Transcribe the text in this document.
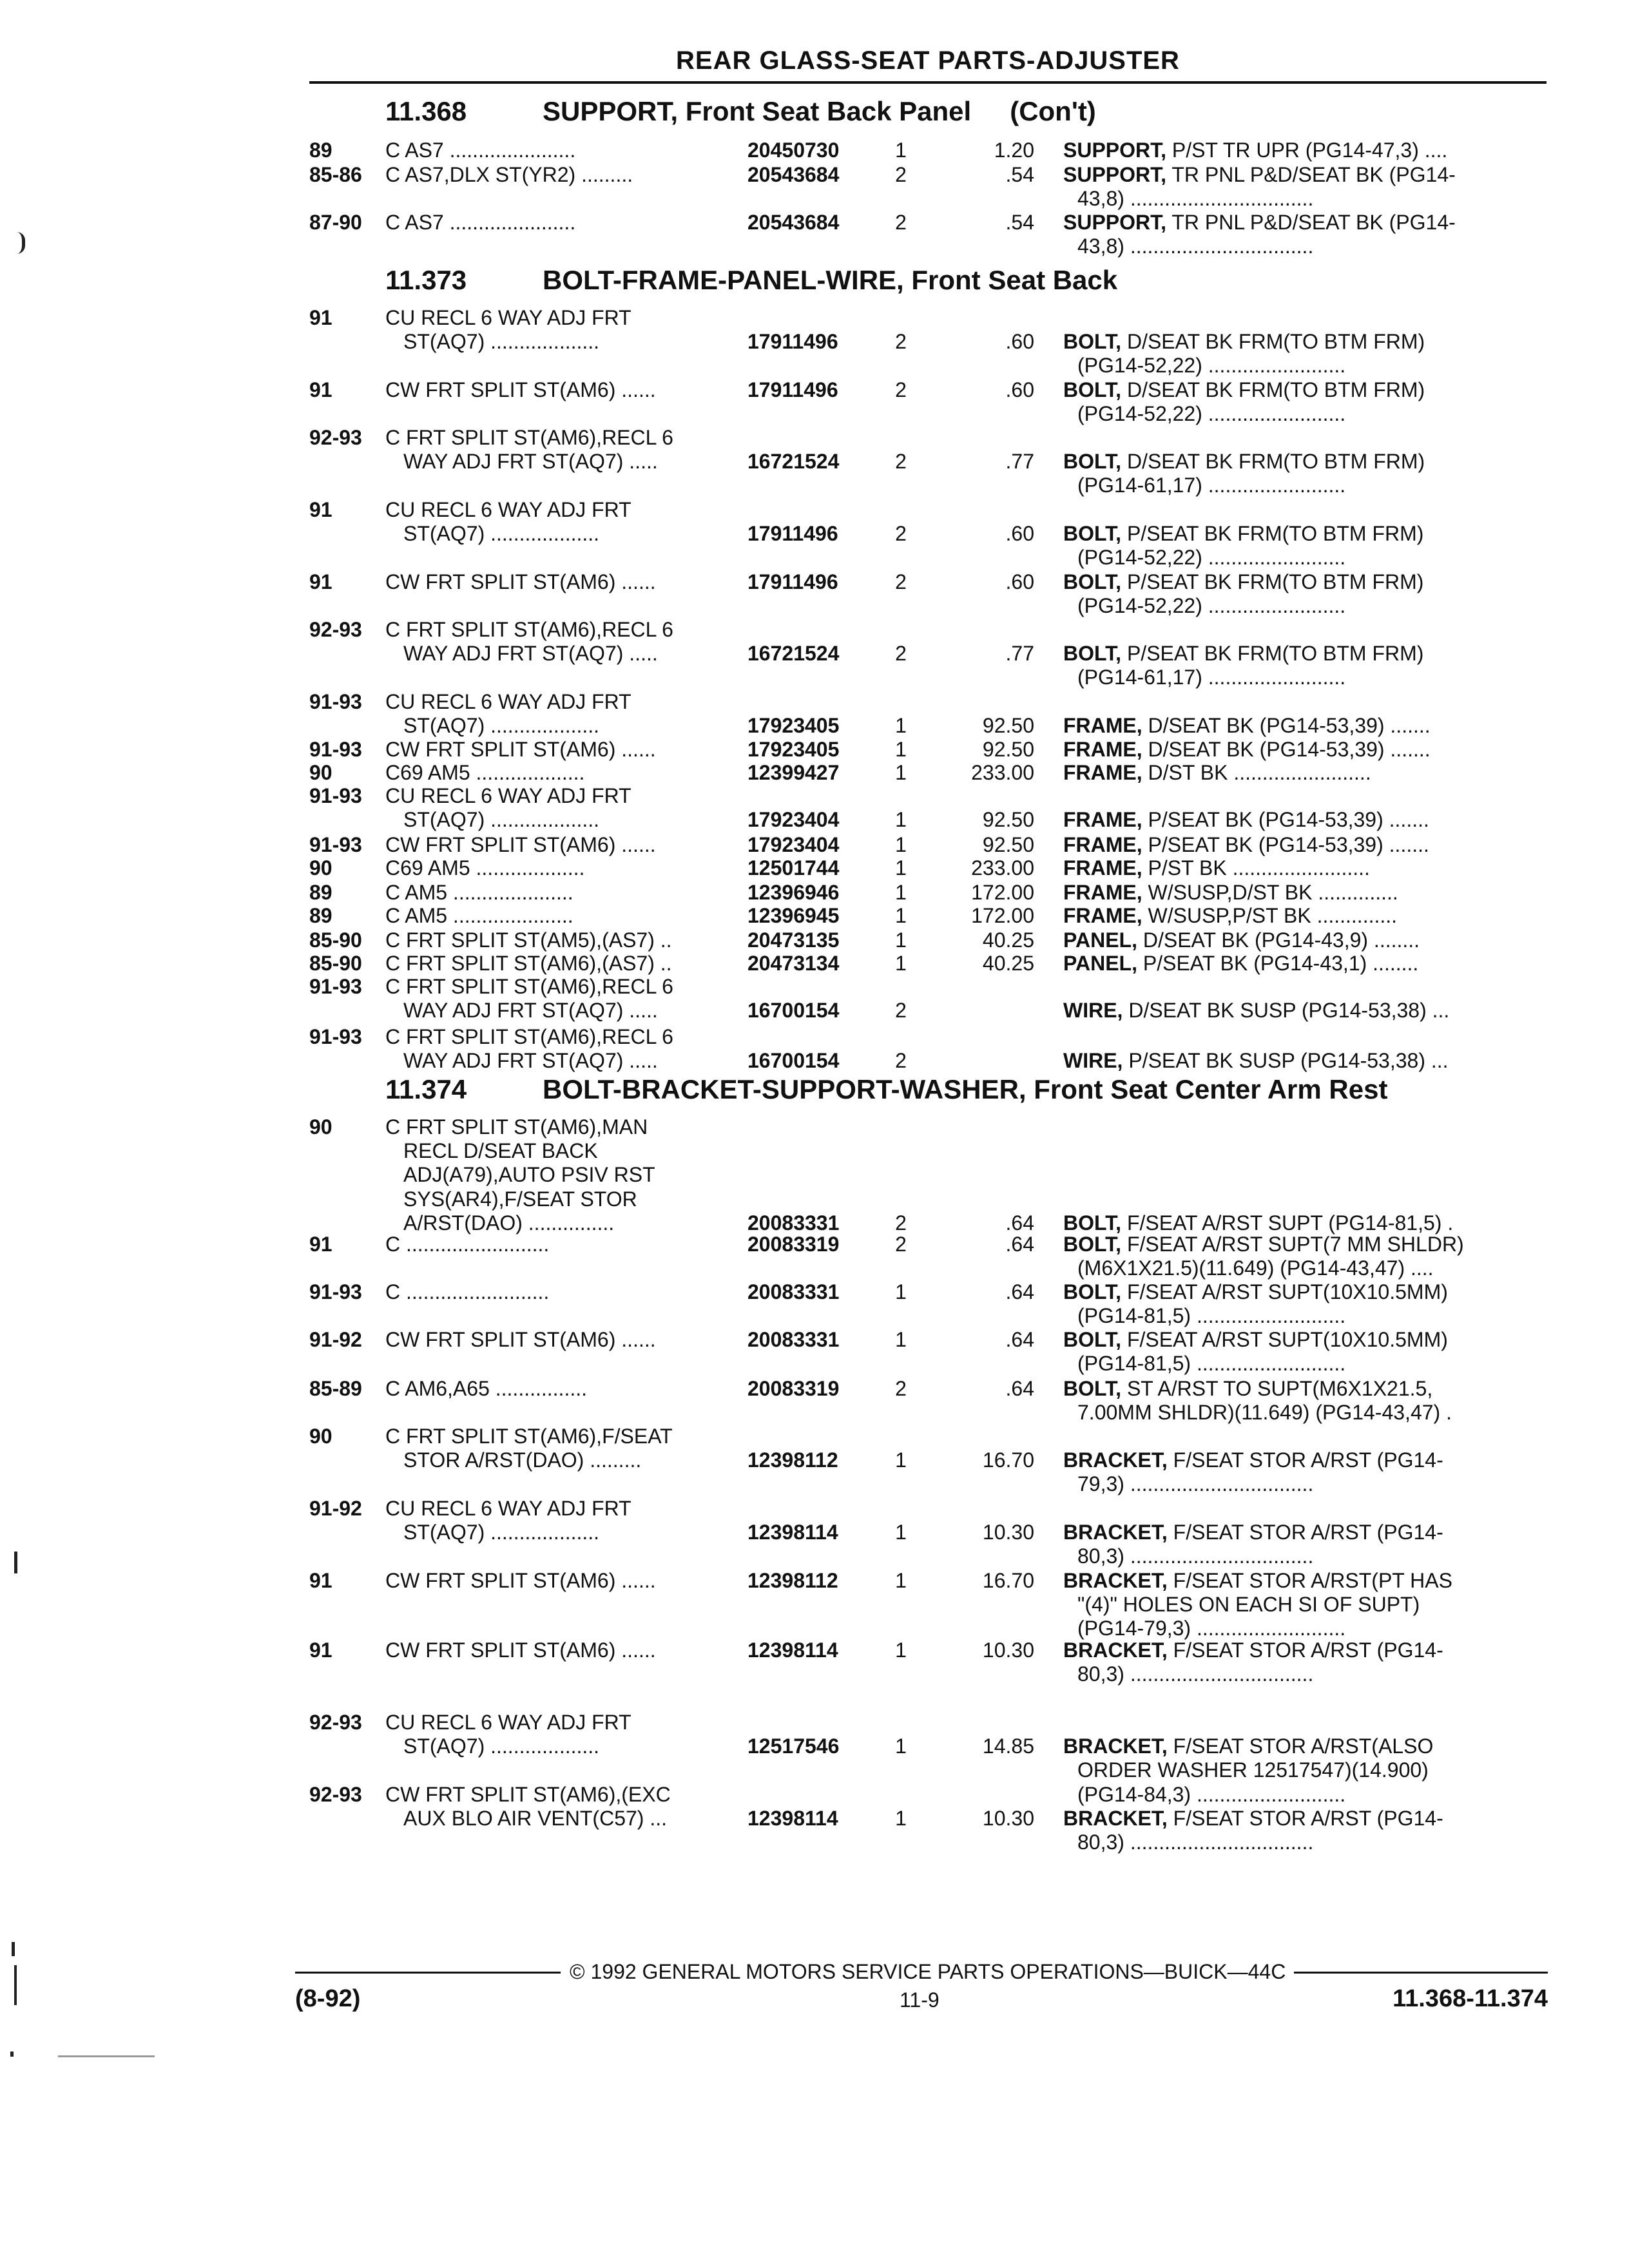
REAR GLASS-SEAT PARTS-ADJUSTER
11.368	SUPPORT, Front Seat Back Panel (Con't)
89	C AS7 ......................	20450730	1	1.20 SUPPORT, P/ST TR UPR (PG14-47,3) ....
85-86 C AS7,DLX ST(YR2) .........	20543684	2	.54 SUPPORT, TR PNL P&D/SEAT BK (PG14-
43,8) ................................
87-90 C AS7 ......................	20543684	2	.54 SUPPORT, TR PNL P&D/SEAT BK (PG14-
43,8) ................................
11.373	BOLT-FRAME-PANEL-WIRE, Front Seat Back
91	CU RECL 6 WAY ADJ FRT
ST(AQ7) ...................	17911496	2	.60 BOLT, D/SEAT BK FRM(TO BTM FRM)
(PG14-52,22) ........................
91	CW FRT SPLIT ST(AM6) ......	17911496	2	.60 BOLT, D/SEAT BK FRM(TO BTM FRM)
(PG14-52,22) ........................
92-93 C FRT SPLIT ST(AM6),RECL 6
WAY ADJ FRT ST(AQ7) .....	16721524	2	.77 BOLT, D/SEAT BK FRM(TO BTM FRM)
(PG14-61,17) ........................
91	CU RECL 6 WAY ADJ FRT
ST(AQ7) ...................	17911496	2	.60 BOLT, P/SEAT BK FRM(TO BTM FRM)
(PG14-52,22) ........................
91	CW FRT SPLIT ST(AM6) ......	17911496	2	.60 BOLT, P/SEAT BK FRM(TO BTM FRM)
(PG14-52,22) ........................
92-93 C FRT SPLIT ST(AM6),RECL 6
WAY ADJ FRT ST(AQ7) .....	16721524	2	.77 BOLT, P/SEAT BK FRM(TO BTM FRM)
(PG14-61,17) ........................
91-93 CU RECL 6 WAY ADJ FRT
ST(AQ7) ...................	17923405	1	92.50 FRAME, D/SEAT BK (PG14-53,39) .......
91-93 CW FRT SPLIT ST(AM6) ......	17923405	1	92.50 FRAME, D/SEAT BK (PG14-53,39) .......
90	C69 AM5 ...................	12399427	1	233.00 FRAME, D/ST BK ........................
91-93 CU RECL 6 WAY ADJ FRT
ST(AQ7) ...................	17923404	1	92.50 FRAME, P/SEAT BK (PG14-53,39) .......
91-93 CW FRT SPLIT ST(AM6) ......	17923404	1	92.50 FRAME, P/SEAT BK (PG14-53,39) .......
90	C69 AM5 ...................	12501744	1	233.00 FRAME, P/ST BK ........................
89	C AM5 .....................	12396946	1	172.00 FRAME, W/SUSP,D/ST BK ..............
89	C AM5 .....................	12396945	1	172.00 FRAME, W/SUSP,P/ST BK ..............
85-90 C FRT SPLIT ST(AM5),(AS7) ..	20473135	1	40.25 PANEL, D/SEAT BK (PG14-43,9) ........
85-90 C FRT SPLIT ST(AM6),(AS7) ..	20473134	1	40.25 PANEL, P/SEAT BK (PG14-43,1) ........
91-93 C FRT SPLIT ST(AM6),RECL 6
WAY ADJ FRT ST(AQ7) .....	16700154	2	WIRE, D/SEAT BK SUSP (PG14-53,38) ...
91-93 C FRT SPLIT ST(AM6),RECL 6
WAY ADJ FRT ST(AQ7) .....	16700154	2	WIRE, P/SEAT BK SUSP (PG14-53,38) ...
11.374	BOLT-BRACKET-SUPPORT-WASHER, Front Seat Center Arm Rest
90	C FRT SPLIT ST(AM6),MAN
RECL D/SEAT BACK
ADJ(A79),AUTO PSIV RST
SYS(AR4),F/SEAT STOR
A/RST(DAO) ...............	20083331	2	.64 BOLT, F/SEAT A/RST SUPT (PG14-81,5) .
91	C .........................	20083319	2	.64 BOLT, F/SEAT A/RST SUPT(7 MM SHLDR)
(M6X1X21.5)(11.649) (PG14-43,47) ....
91-93 C .........................	20083331	1	.64 BOLT, F/SEAT A/RST SUPT(10X10.5MM)
(PG14-81,5) ..........................
91-92 CW FRT SPLIT ST(AM6) ......	20083331	1	.64 BOLT, F/SEAT A/RST SUPT(10X10.5MM)
(PG14-81,5) ..........................
85-89 C AM6,A65 ................	20083319	2	.64 BOLT, ST A/RST TO SUPT(M6X1X21.5,
7.00MM SHLDR)(11.649) (PG14-43,47) .
90	C FRT SPLIT ST(AM6),F/SEAT
STOR A/RST(DAO) .........	12398112	1	16.70 BRACKET, F/SEAT STOR A/RST (PG14-
79,3) ................................
91-92 CU RECL 6 WAY ADJ FRT
ST(AQ7) ...................	12398114	1	10.30 BRACKET, F/SEAT STOR A/RST (PG14-
80,3) ................................
91	CW FRT SPLIT ST(AM6) ......	12398112	1	16.70 BRACKET, F/SEAT STOR A/RST(PT HAS
"(4)" HOLES ON EACH SI OF SUPT)
(PG14-79,3) ..........................
91	CW FRT SPLIT ST(AM6) ......	12398114	1	10.30 BRACKET, F/SEAT STOR A/RST (PG14-
80,3) ................................
92-93 CU RECL 6 WAY ADJ FRT
ST(AQ7) ...................	12517546	1	14.85 BRACKET, F/SEAT STOR A/RST(ALSO
ORDER WASHER 12517547)(14.900)
(PG14-84,3) ..........................
92-93 CW FRT SPLIT ST(AM6),(EXC
AUX BLO AIR VENT(C57) ...	12398114	1	10.30 BRACKET, F/SEAT STOR A/RST (PG14-
80,3) ................................
© 1992 GENERAL MOTORS SERVICE PARTS OPERATIONS—BUICK—44C
(8-92)	11-9	11.368-11.374
